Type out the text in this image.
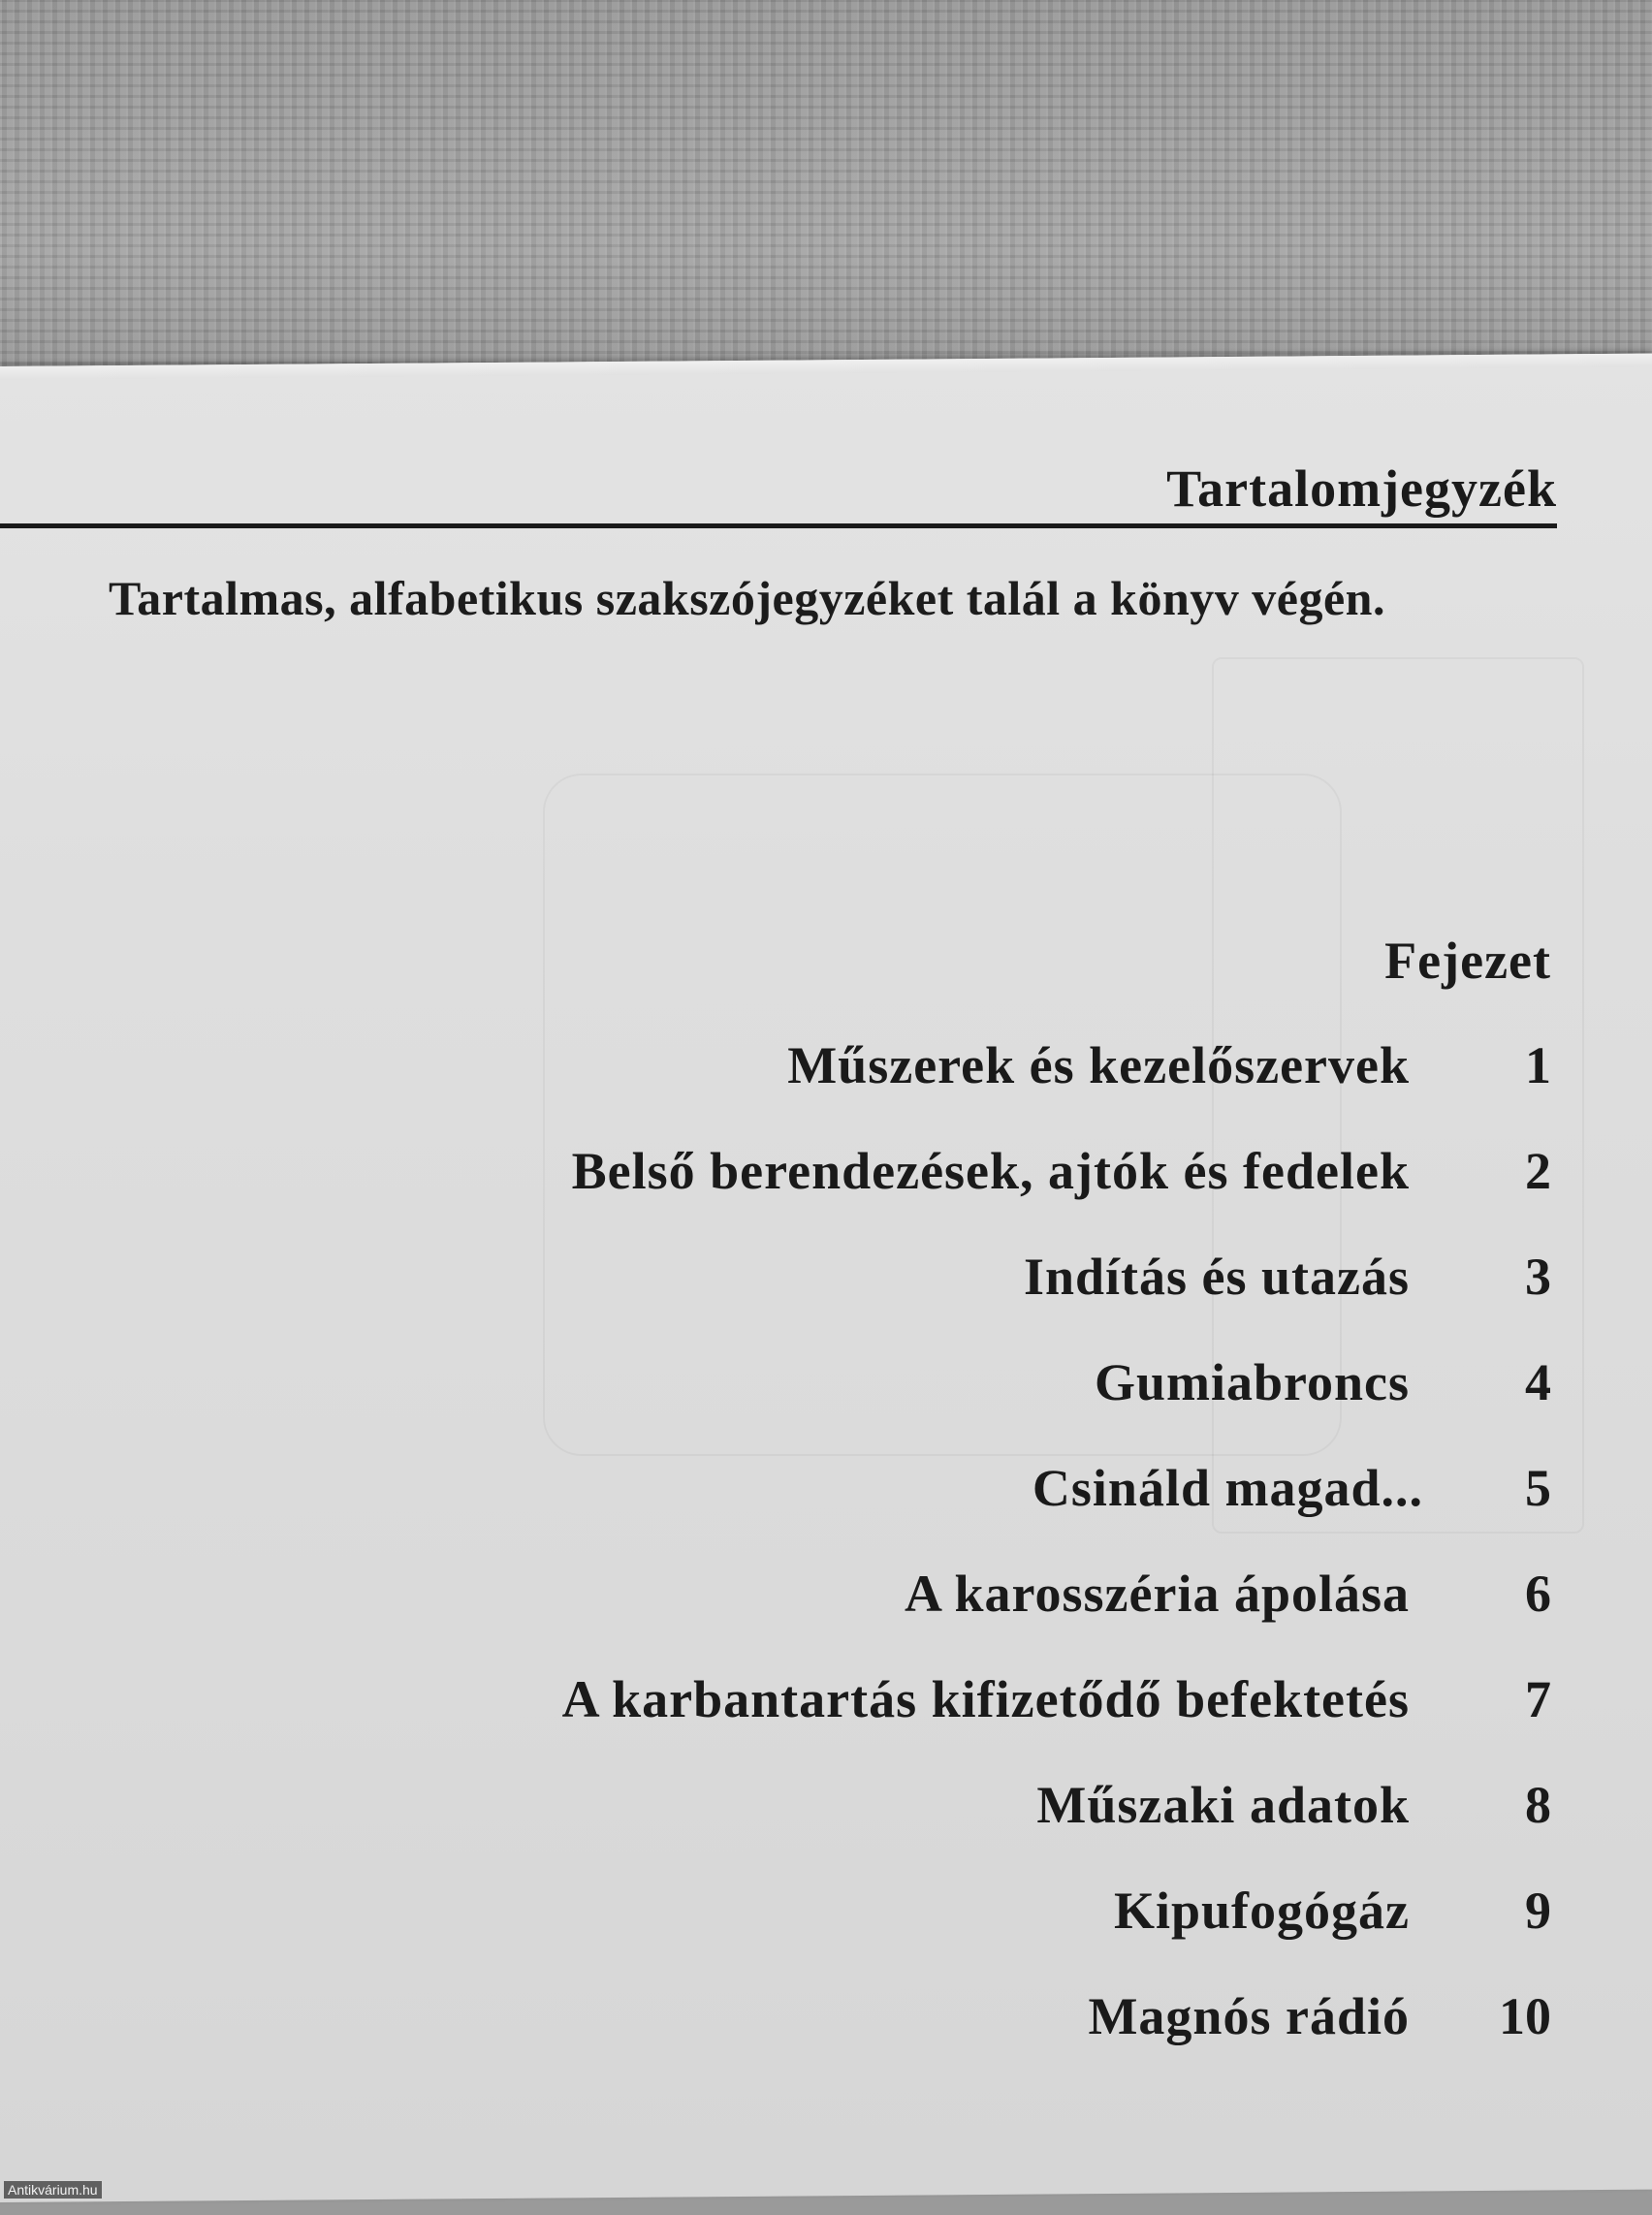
Tartalomjegyzék
Tartalmas, alfabetikus szakszójegyzéket talál a könyv végén.
Fejezet
Műszerek és kezelőszervek 1
Belső berendezések, ajtók és fedelek 2
Indítás és utazás 3
Gumiabroncs 4
Csináld magad... 5
A karosszéria ápolása 6
A karbantartás kifizetődő befektetés 7
Műszaki adatok 8
Kipufogógáz 9
Magnós rádió 10
Antikvárium.hu
